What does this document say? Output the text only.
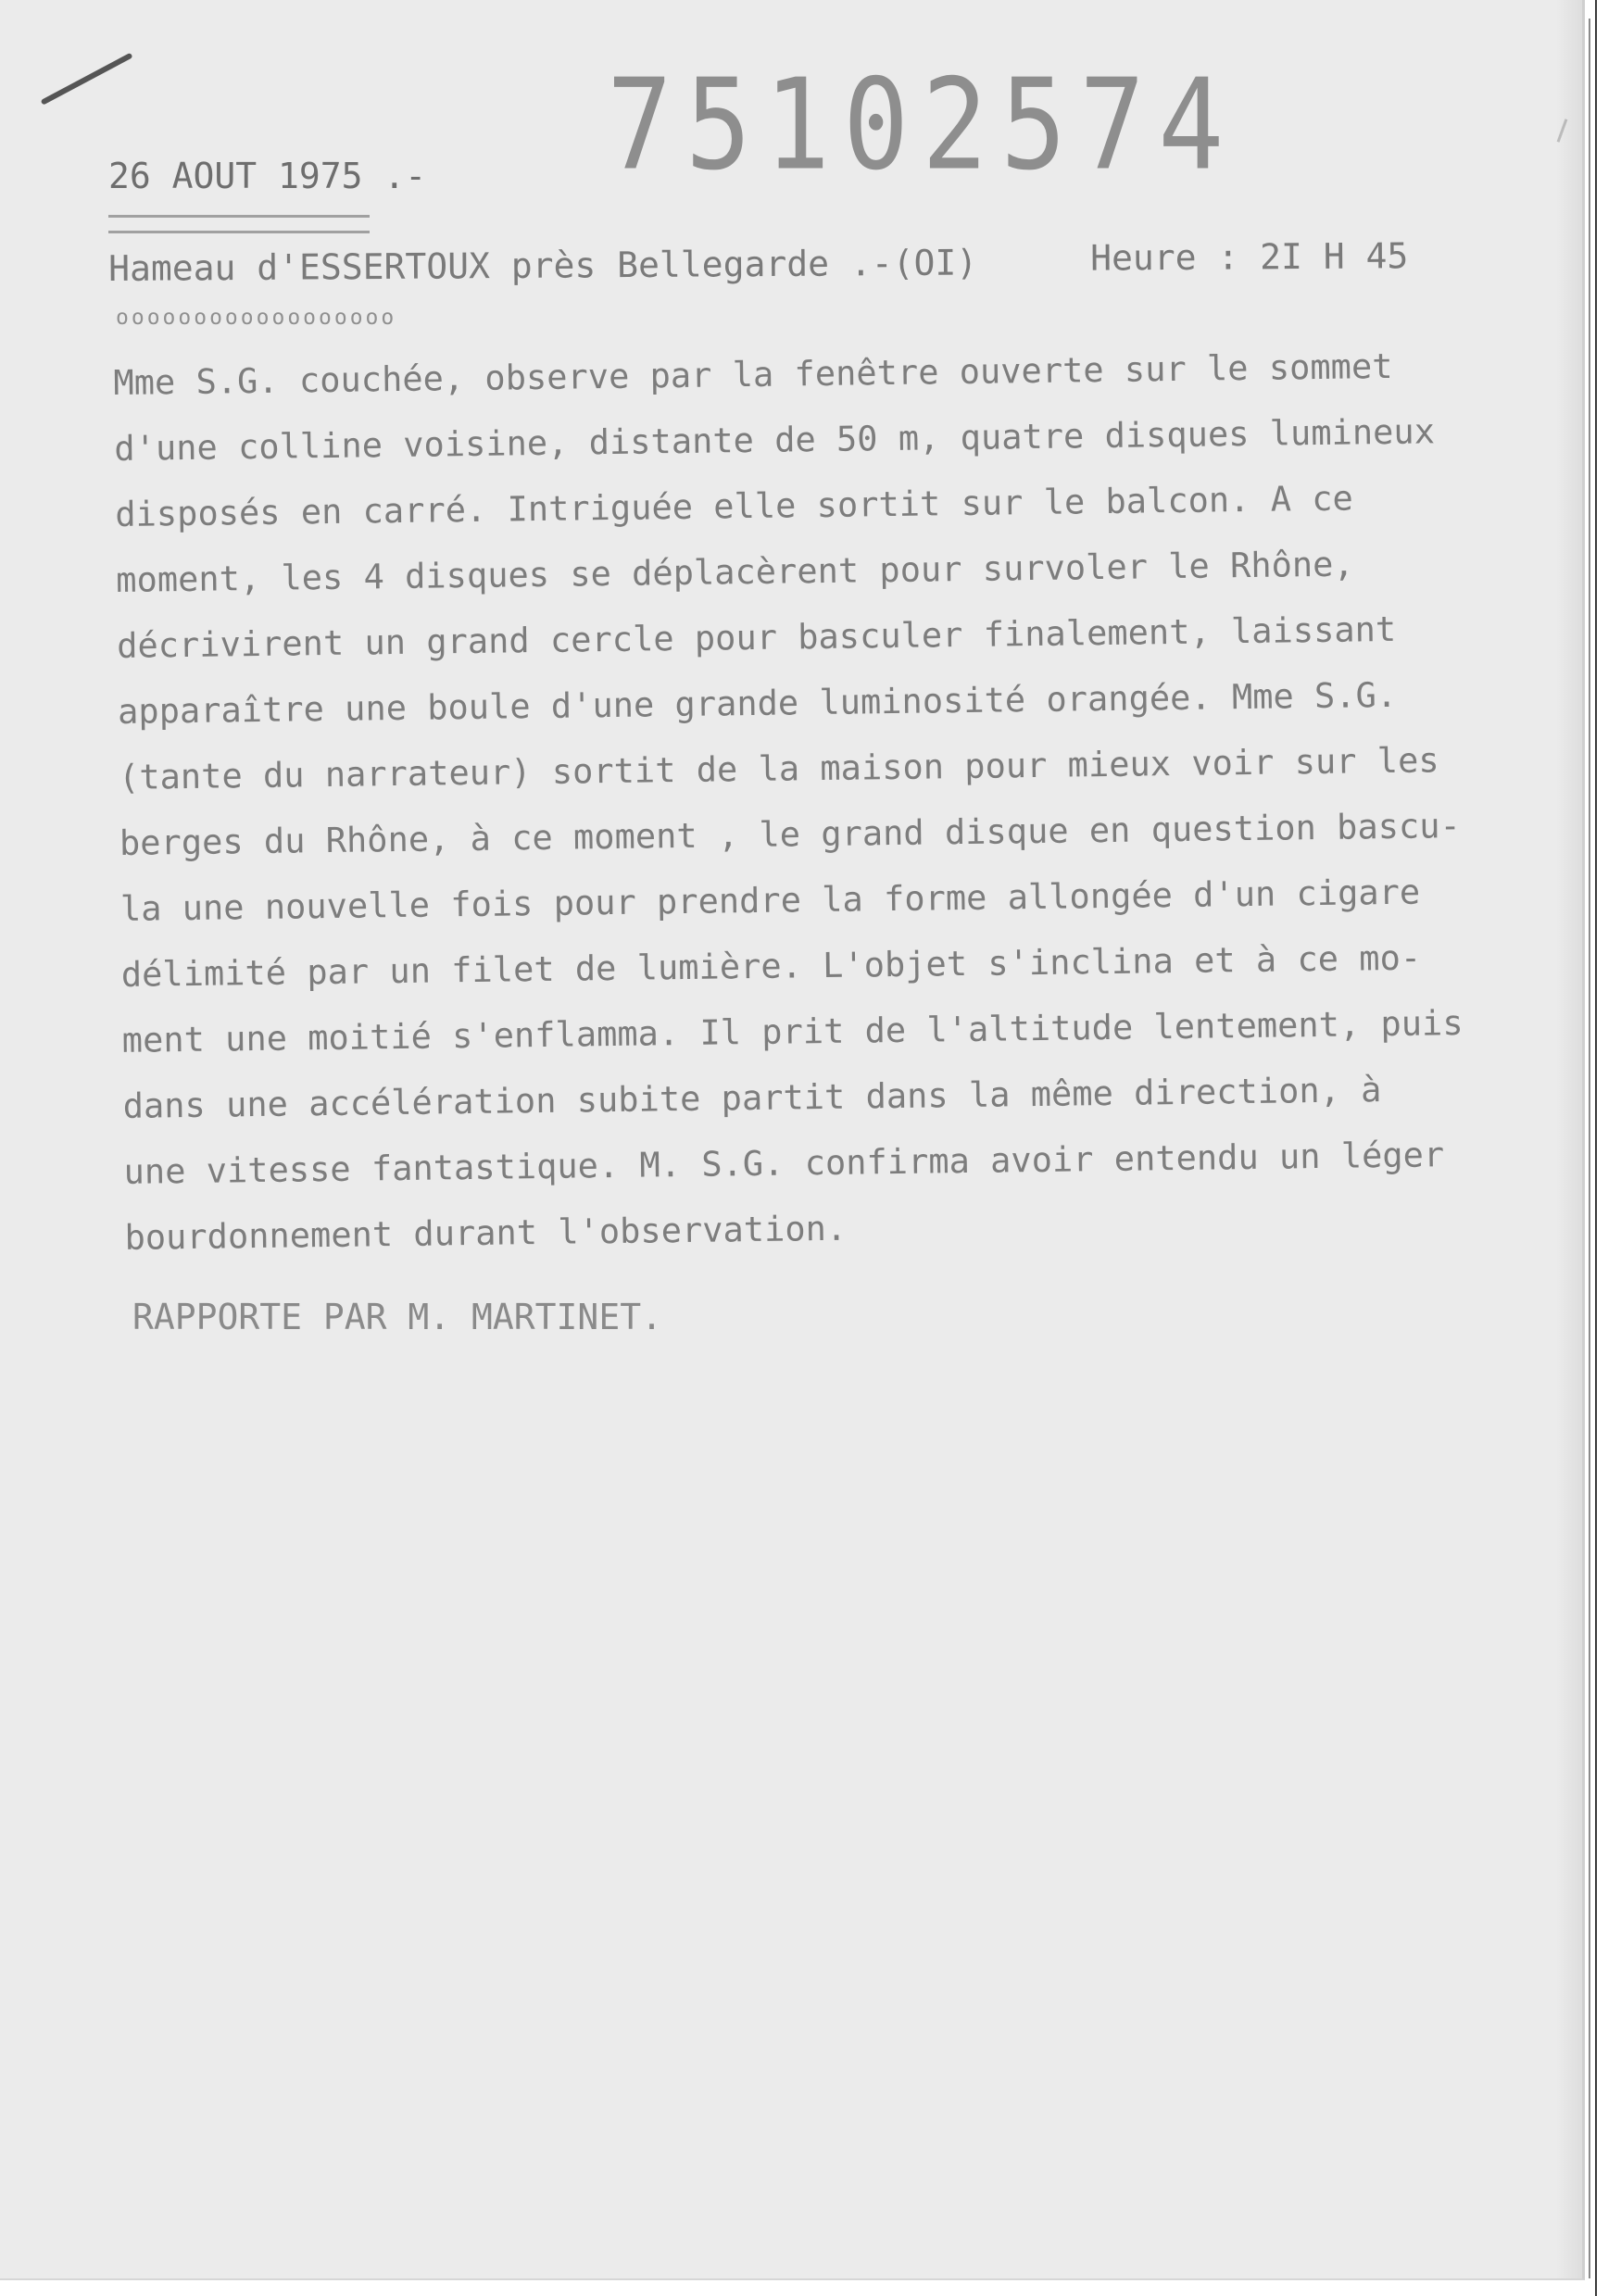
75102574
26 AOUT 1975 .-
Hameau d'ESSERTOUX près Bellegarde .-(OI)	Heure : 2I H 45
oooooooooooooooooo
Mme S.G. couchée, observe par la fenêtre ouverte sur le sommet
d'une colline voisine, distante de 50 m, quatre disques lumineux
disposés en carré. Intriguée elle sortit sur le balcon. A ce
moment, les 4 disques se déplacèrent pour survoler le Rhône,
décrivirent un grand cercle pour basculer finalement, laissant
apparaître une boule d'une grande luminosité orangée. Mme S.G.
(tante du narrateur) sortit de la maison pour mieux voir sur les
berges du Rhône, à ce moment , le grand disque en question bascu-
la une nouvelle fois pour prendre la forme allongée d'un cigare
délimité par un filet de lumière. L'objet s'inclina et à ce mo-
ment une moitié s'enflamma. Il prit de l'altitude lentement, puis
dans une accélération subite partit dans la même direction, à
une vitesse fantastique. M. S.G. confirma avoir entendu un léger
bourdonnement durant l'observation.
RAPPORTE PAR M. MARTINET.
